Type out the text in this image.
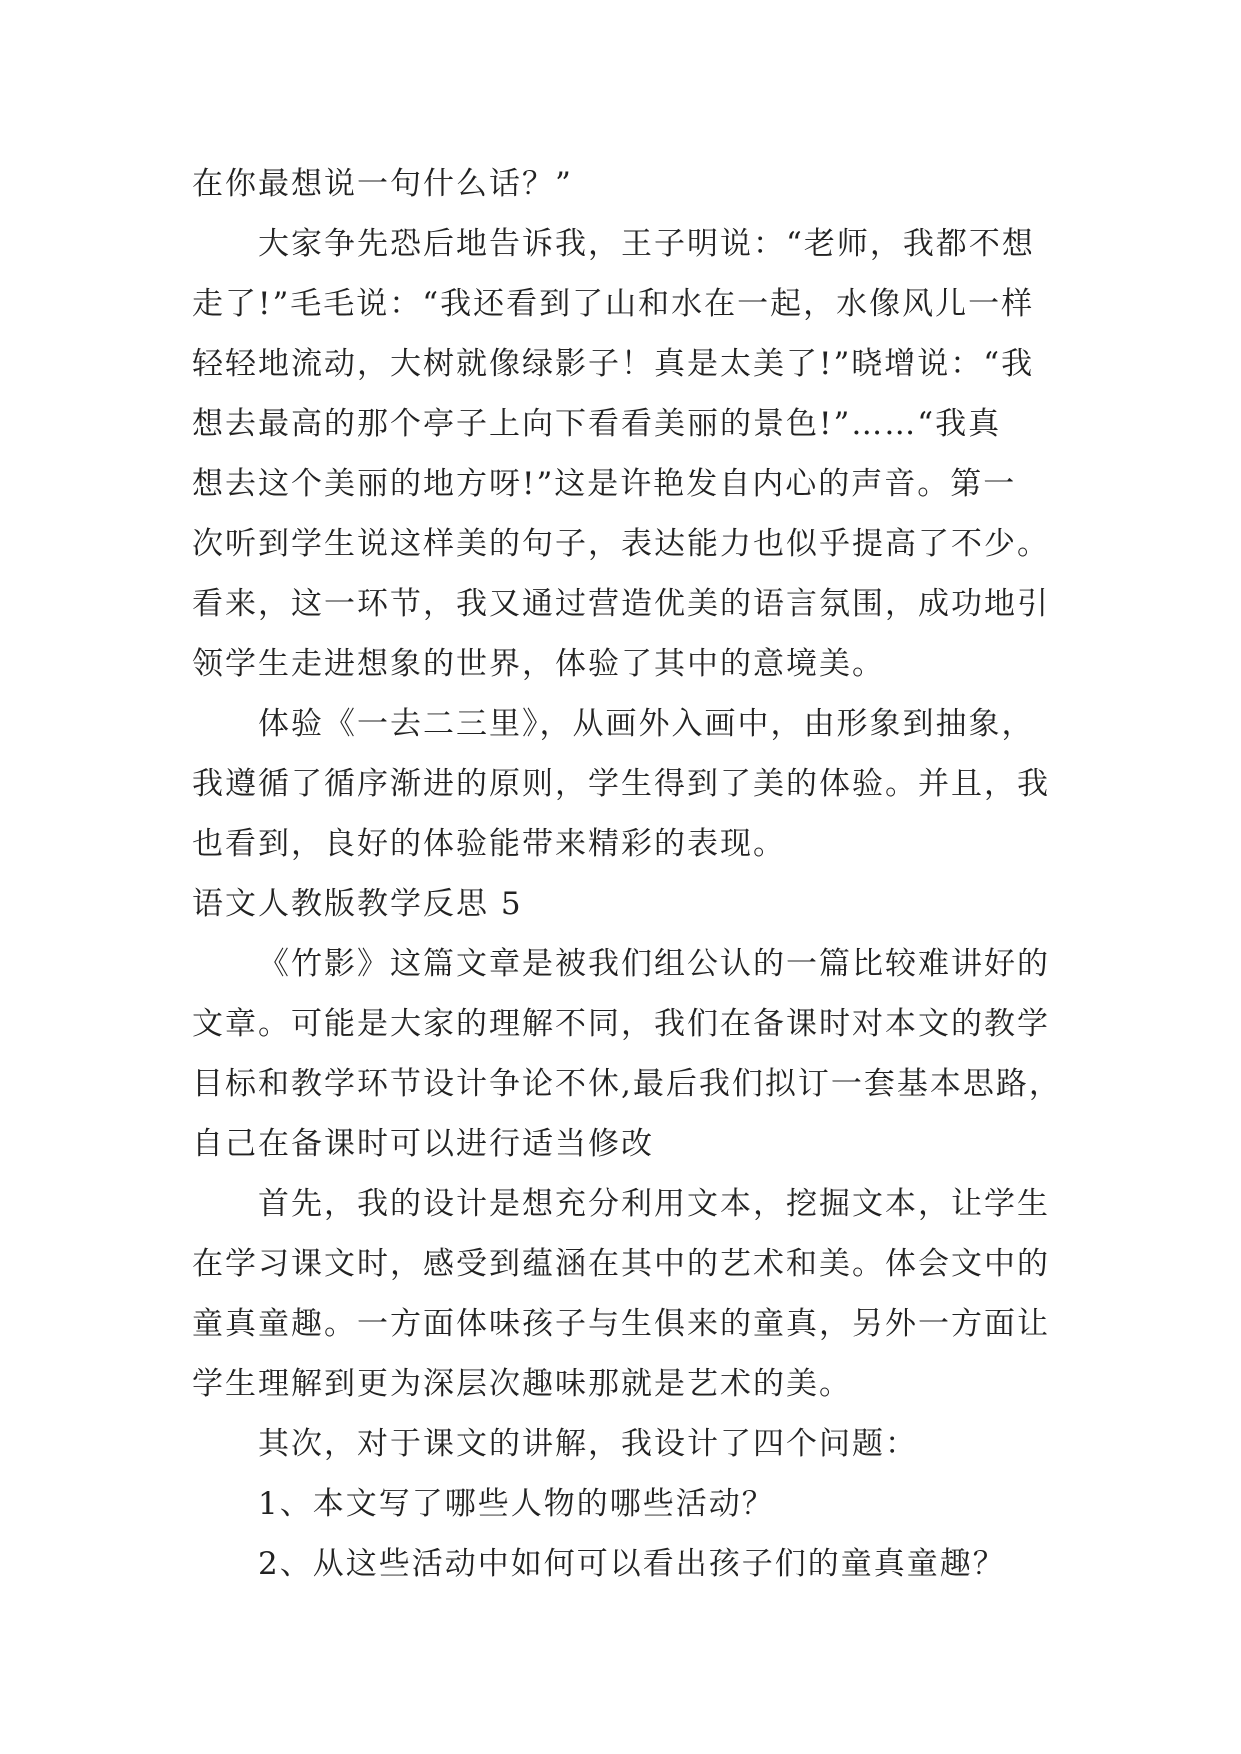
在你最想说一句什么话？”
大家争先恐后地告诉我，王子明说：“老师，我都不想
走了!”毛毛说：“我还看到了山和水在一起，水像风儿一样
轻轻地流动，大树就像绿影子！真是太美了!”晓增说：“我
想去最高的那个亭子上向下看看美丽的景色!”……“我真
想去这个美丽的地方呀!”这是许艳发自内心的声音。第一
次听到学生说这样美的句子，表达能力也似乎提高了不少。
看来，这一环节，我又通过营造优美的语言氛围，成功地引
领学生走进想象的世界，体验了其中的意境美。
体验《一去二三里》，从画外入画中，由形象到抽象，
我遵循了循序渐进的原则，学生得到了美的体验。并且，我
也看到，良好的体验能带来精彩的表现。
语文人教版教学反思 5
《竹影》这篇文章是被我们组公认的一篇比较难讲好的
文章。可能是大家的理解不同，我们在备课时对本文的教学
目标和教学环节设计争论不休,最后我们拟订一套基本思路，
自己在备课时可以进行适当修改
首先，我的设计是想充分利用文本，挖掘文本，让学生
在学习课文时，感受到蕴涵在其中的艺术和美。体会文中的
童真童趣。一方面体味孩子与生俱来的童真，另外一方面让
学生理解到更为深层次趣味那就是艺术的美。
其次，对于课文的讲解，我设计了四个问题：
1、本文写了哪些人物的哪些活动？
2、从这些活动中如何可以看出孩子们的童真童趣？
